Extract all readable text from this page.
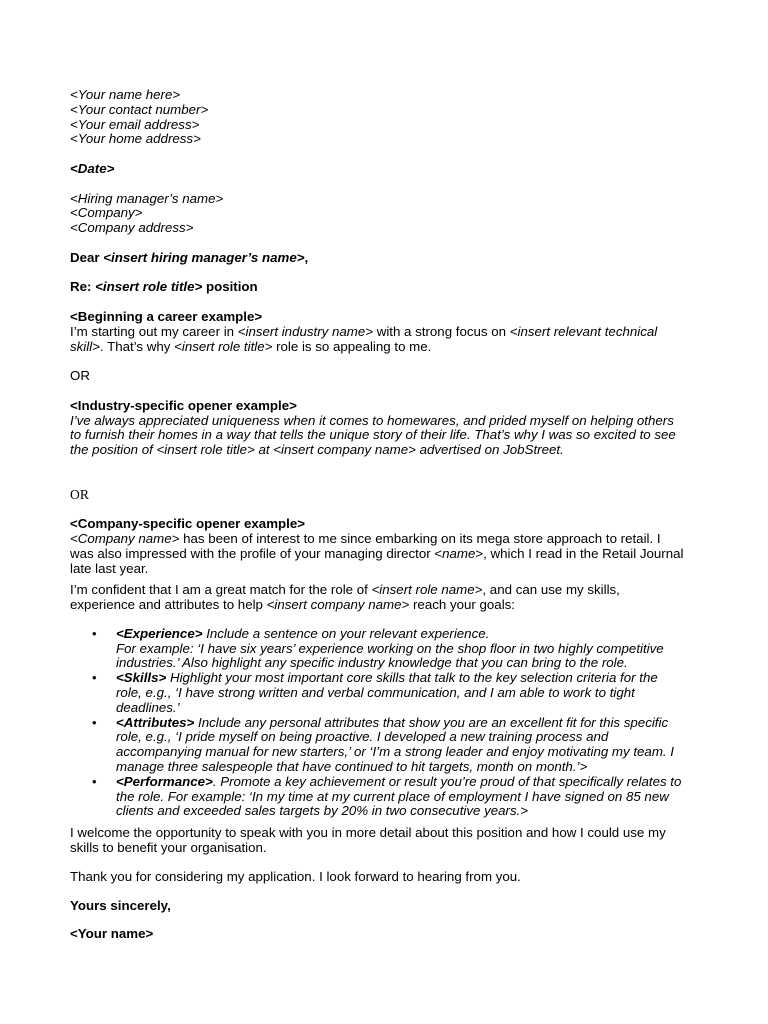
<Your name here>

<Your contact number>

<Your email address>

<Your home address>

<Date>

<Hiring manager’s name>

<Company>

<Company address>

Dear <insert hiring manager’s name>,

Re: <insert role title> position

<Beginning a career example>

I’m starting out my career in <insert industry name> with a strong focus on <insert relevant technical

skill>. That’s why <insert role title> role is so appealing to me.

OR

<Industry-specific opener example>

I’ve always appreciated uniqueness when it comes to homewares, and prided myself on helping others

to furnish their homes in a way that tells the unique story of their life. That’s why I was so excited to see

the position of <insert role title> at <insert company name> advertised on JobStreet.

OR

<Company-specific opener example>

<Company name> has been of interest to me since embarking on its mega store approach to retail. I

was also impressed with the profile of your managing director <name>, which I read in the Retail Journal

late last year.

I’m confident that I am a great match for the role of <insert role name>, and can use my skills,

experience and attributes to help <insert company name> reach your goals:

• <Experience> Include a sentence on your relevant experience.

For example: ‘I have six years’ experience working on the shop floor in two highly competitive

industries.’ Also highlight any specific industry knowledge that you can bring to the role.

• <Skills> Highlight your most important core skills that talk to the key selection criteria for the

role, e.g., ‘I have strong written and verbal communication, and I am able to work to tight

deadlines.’

• <Attributes> Include any personal attributes that show you are an excellent fit for this specific

role, e.g., ‘I pride myself on being proactive. I developed a new training process and

accompanying manual for new starters,’ or ‘I’m a strong leader and enjoy motivating my team. I

manage three salespeople that have continued to hit targets, month on month.’>

• <Performance>. Promote a key achievement or result you’re proud of that specifically relates to

the role. For example: ‘In my time at my current place of employment I have signed on 85 new

clients and exceeded sales targets by 20% in two consecutive years.>

I welcome the opportunity to speak with you in more detail about this position and how I could use my

skills to benefit your organisation.

Thank you for considering my application. I look forward to hearing from you.

Yours sincerely,

<Your name>
